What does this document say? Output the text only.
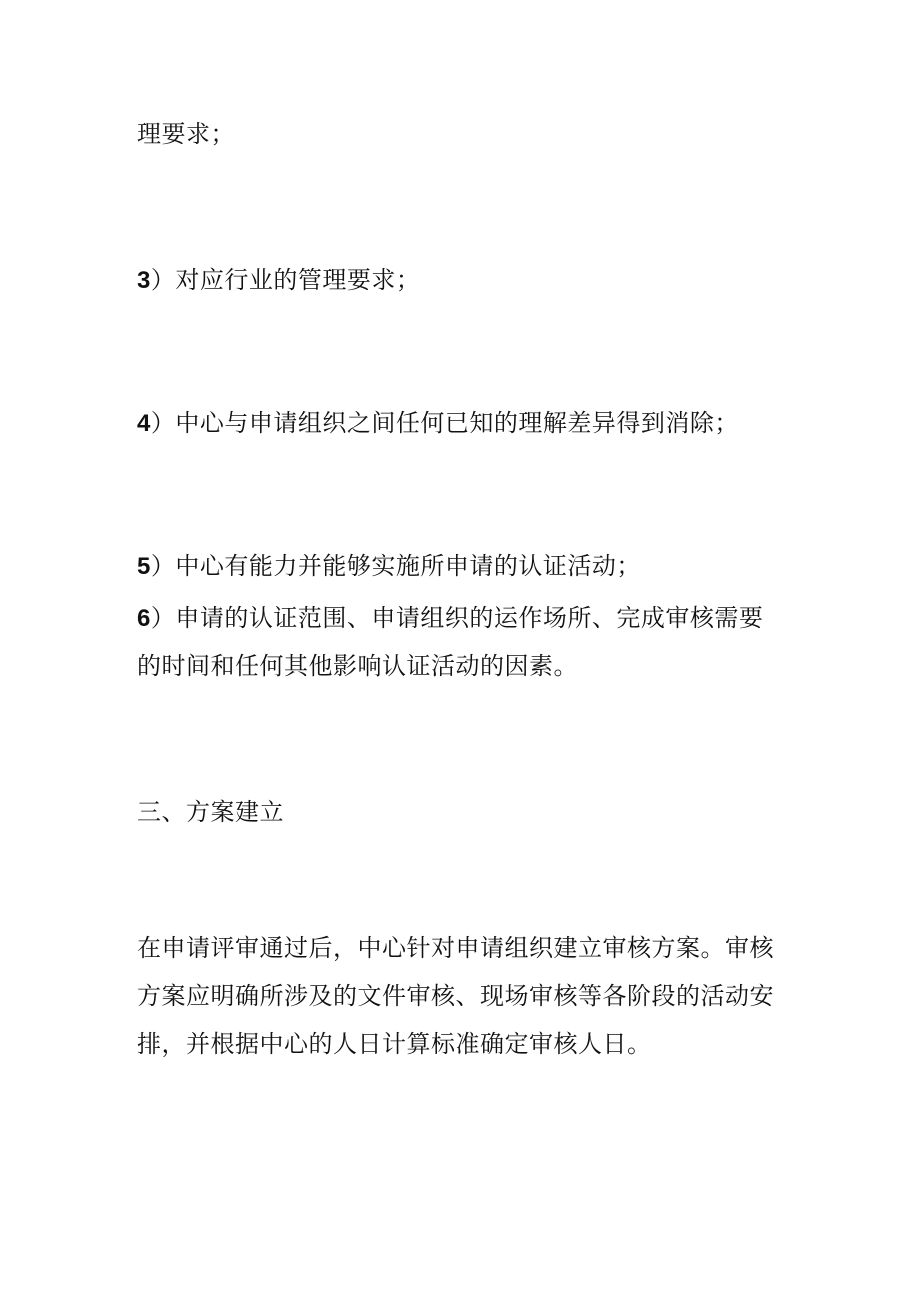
理要求；
3）对应行业的管理要求；
4）中心与申请组织之间任何已知的理解差异得到消除；
5）中心有能力并能够实施所申请的认证活动；
6）申请的认证范围、申请组织的运作场所、完成审核需要
的时间和任何其他影响认证活动的因素。
三、方案建立
在申请评审通过后，中心针对申请组织建立审核方案。审核
方案应明确所涉及的文件审核、现场审核等各阶段的活动安
排，并根据中心的人日计算标准确定审核人日。
